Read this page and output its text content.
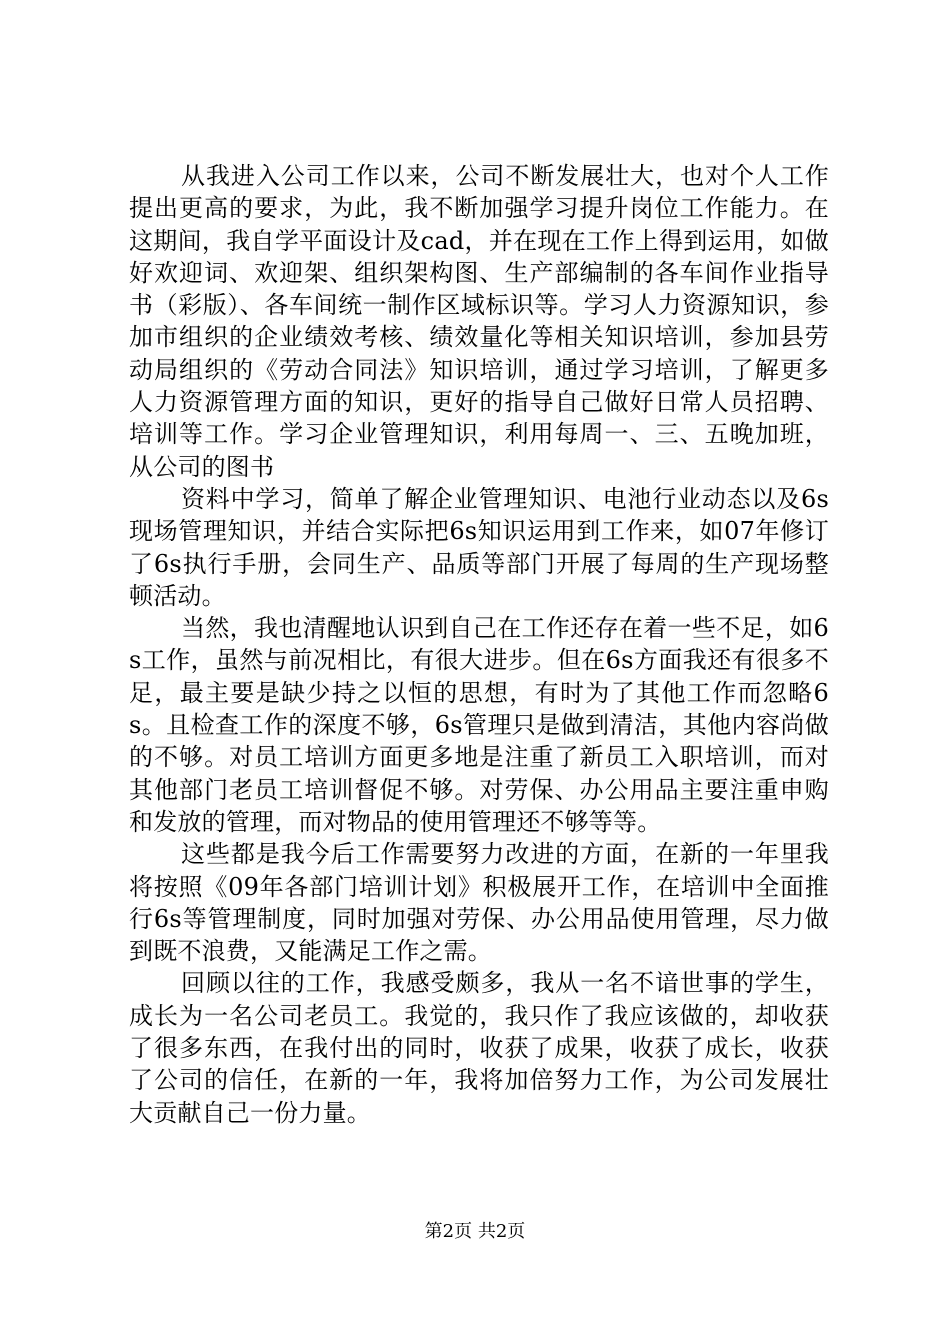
从我进入公司工作以来，公司不断发展壮大，也对个人工作提出更高的要求，为此，我不断加强学习提升岗位工作能力。在这期间，我自学平面设计及cad，并在现在工作上得到运用，如做好欢迎词、欢迎架、组织架构图、生产部编制的各车间作业指导书（彩版）、各车间统一制作区域标识等。学习人力资源知识，参加市组织的企业绩效考核、绩效量化等相关知识培训，参加县劳动局组织的《劳动合同法》知识培训，通过学习培训，了解更多人力资源管理方面的知识，更好的指导自己做好日常人员招聘、培训等工作。学习企业管理知识，利用每周一、三、五晚加班，从公司的图书

资料中学习，简单了解企业管理知识、电池行业动态以及6s现场管理知识，并结合实际把6s知识运用到工作来，如07年修订了6s执行手册，会同生产、品质等部门开展了每周的生产现场整顿活动。

当然，我也清醒地认识到自己在工作还存在着一些不足，如6s工作，虽然与前况相比，有很大进步。但在6s方面我还有很多不足，最主要是缺少持之以恒的思想，有时为了其他工作而忽略6s。且检查工作的深度不够，6s管理只是做到清洁，其他内容尚做的不够。对员工培训方面更多地是注重了新员工入职培训，而对其他部门老员工培训督促不够。对劳保、办公用品主要注重申购和发放的管理，而对物品的使用管理还不够等等。

这些都是我今后工作需要努力改进的方面，在新的一年里我将按照《09年各部门培训计划》积极展开工作，在培训中全面推行6s等管理制度，同时加强对劳保、办公用品使用管理，尽力做到既不浪费，又能满足工作之需。

回顾以往的工作，我感受颇多，我从一名不谙世事的学生，成长为一名公司老员工。我觉的，我只作了我应该做的，却收获了很多东西，在我付出的同时，收获了成果，收获了成长，收获了公司的信任，在新的一年，我将加倍努力工作，为公司发展壮大贡献自己一份力量。

第2页 共2页
